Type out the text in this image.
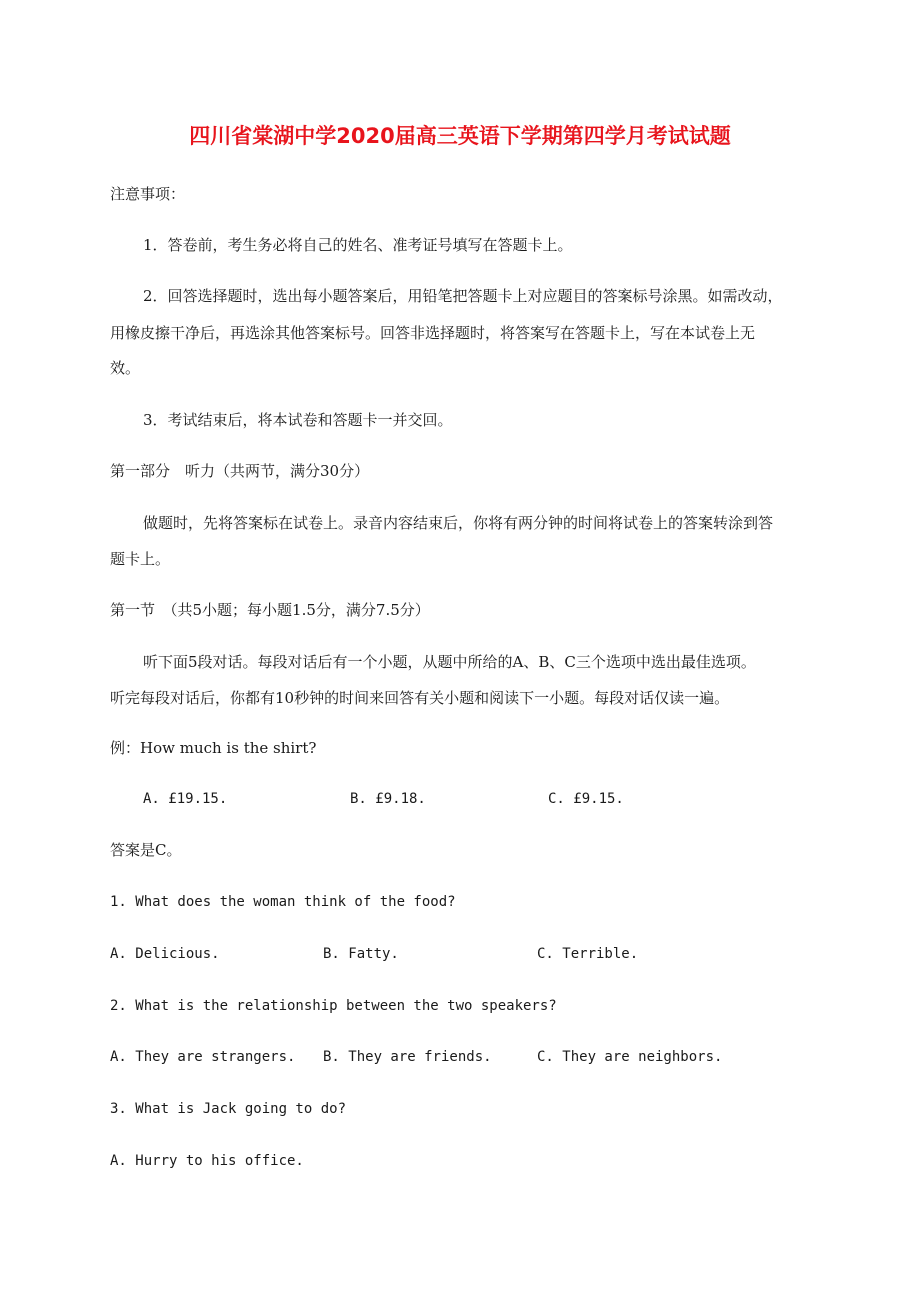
四川省棠湖中学2020届高三英语下学期第四学月考试试题
注意事项：
1．答卷前，考生务必将自己的姓名、准考证号填写在答题卡上。
2．回答选择题时，选出每小题答案后，用铅笔把答题卡上对应题目的答案标号涂黑。如需改动，
用橡皮擦干净后，再选涂其他答案标号。回答非选择题时，将答案写在答题卡上，写在本试卷上无
效。
3．考试结束后，将本试卷和答题卡一并交回。
第一部分　听力（共两节，满分30分）
做题时，先将答案标在试卷上。录音内容结束后，你将有两分钟的时间将试卷上的答案转涂到答
题卡上。
第一节　（共5小题；每小题1.5分，满分7.5分）
听下面5段对话。每段对话后有一个小题，从题中所给的A、B、C三个选项中选出最佳选项。
听完每段对话后，你都有10秒钟的时间来回答有关小题和阅读下一小题。每段对话仅读一遍。
例：How much is the shirt?
A. £19.15.	B. £9.18.	C. £9.15.
答案是C。
1. What does the woman think of the food?
A. Delicious.	B. Fatty.	C. Terrible.
2. What is the relationship between the two speakers?
A. They are strangers. B. They are friends.	C. They are neighbors.
3. What is Jack going to do?
A. Hurry to his office.
